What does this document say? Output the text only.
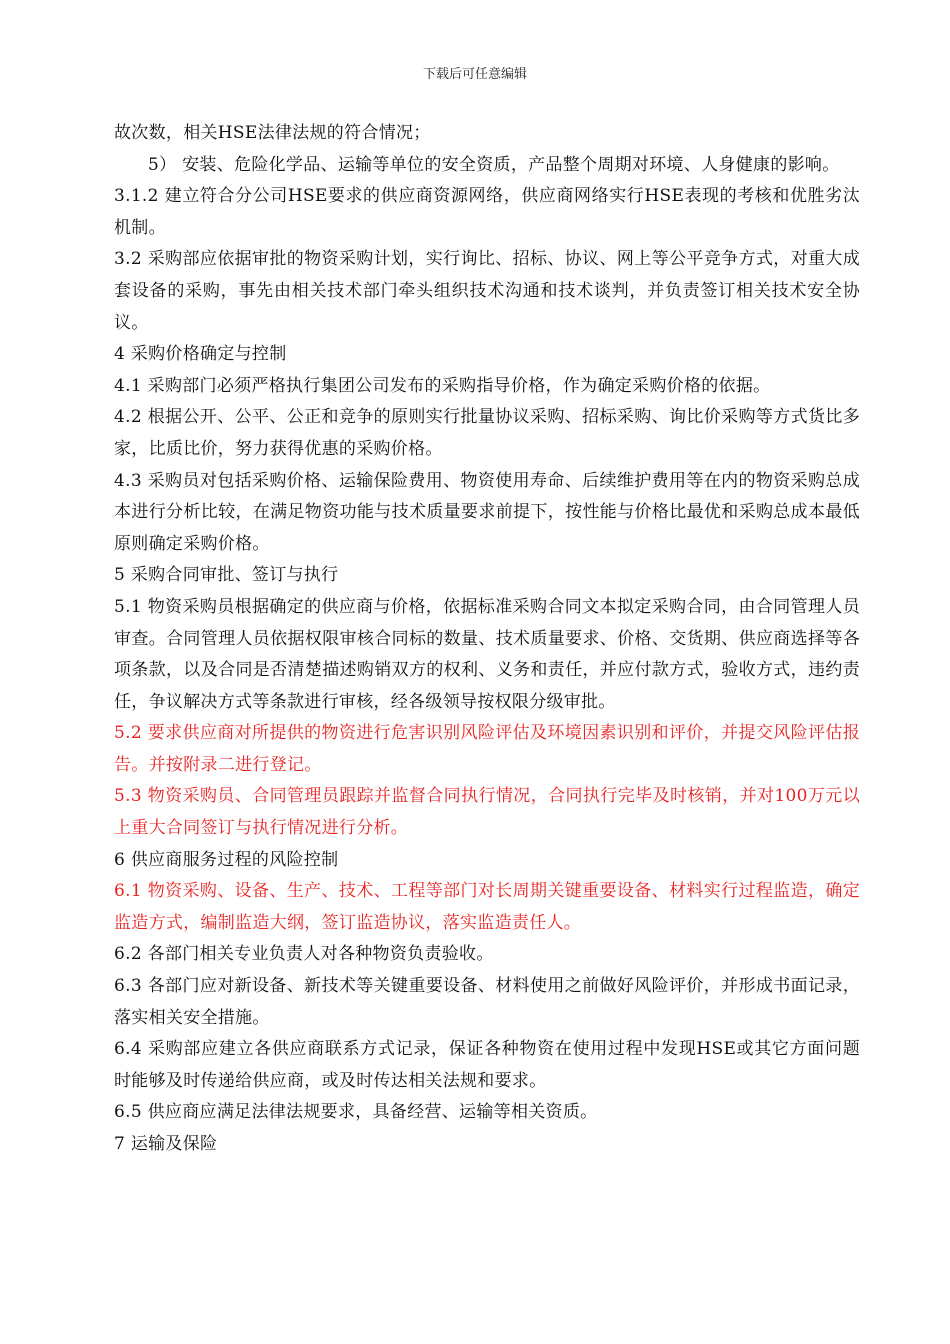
下载后可任意编辑

故次数，相关HSE法律法规的符合情况；

5） 安装、危险化学品、运输等单位的安全资质，产品整个周期对环境、人身健康的影响。

3.1.2 建立符合分公司HSE要求的供应商资源网络，供应商网络实行HSE表现的考核和优胜劣汰机制。

3.2 采购部应依据审批的物资采购计划，实行询比、招标、协议、网上等公平竞争方式，对重大成套设备的采购，事先由相关技术部门牵头组织技术沟通和技术谈判，并负责签订相关技术安全协议。

4 采购价格确定与控制

4.1 采购部门必须严格执行集团公司发布的采购指导价格，作为确定采购价格的依据。

4.2 根据公开、公平、公正和竞争的原则实行批量协议采购、招标采购、询比价采购等方式货比多家，比质比价，努力获得优惠的采购价格。

4.3 采购员对包括采购价格、运输保险费用、物资使用寿命、后续维护费用等在内的物资采购总成本进行分析比较，在满足物资功能与技术质量要求前提下，按性能与价格比最优和采购总成本最低原则确定采购价格。

5 采购合同审批、签订与执行

5.1 物资采购员根据确定的供应商与价格，依据标准采购合同文本拟定采购合同，由合同管理人员审查。合同管理人员依据权限审核合同标的数量、技术质量要求、价格、交货期、供应商选择等各项条款，以及合同是否清楚描述购销双方的权利、义务和责任，并应付款方式，验收方式，违约责任，争议解决方式等条款进行审核，经各级领导按权限分级审批。

5.2 要求供应商对所提供的物资进行危害识别风险评估及环境因素识别和评价，并提交风险评估报告。并按附录二进行登记。

5.3 物资采购员、合同管理员跟踪并监督合同执行情况，合同执行完毕及时核销，并对100万元以上重大合同签订与执行情况进行分析。

6 供应商服务过程的风险控制

6.1 物资采购、设备、生产、技术、工程等部门对长周期关键重要设备、材料实行过程监造，确定监造方式，编制监造大纲，签订监造协议，落实监造责任人。

6.2 各部门相关专业负责人对各种物资负责验收。

6.3 各部门应对新设备、新技术等关键重要设备、材料使用之前做好风险评价，并形成书面记录，落实相关安全措施。

6.4 采购部应建立各供应商联系方式记录，保证各种物资在使用过程中发现HSE或其它方面问题时能够及时传递给供应商，或及时传达相关法规和要求。

6.5 供应商应满足法律法规要求，具备经营、运输等相关资质。

7 运输及保险
